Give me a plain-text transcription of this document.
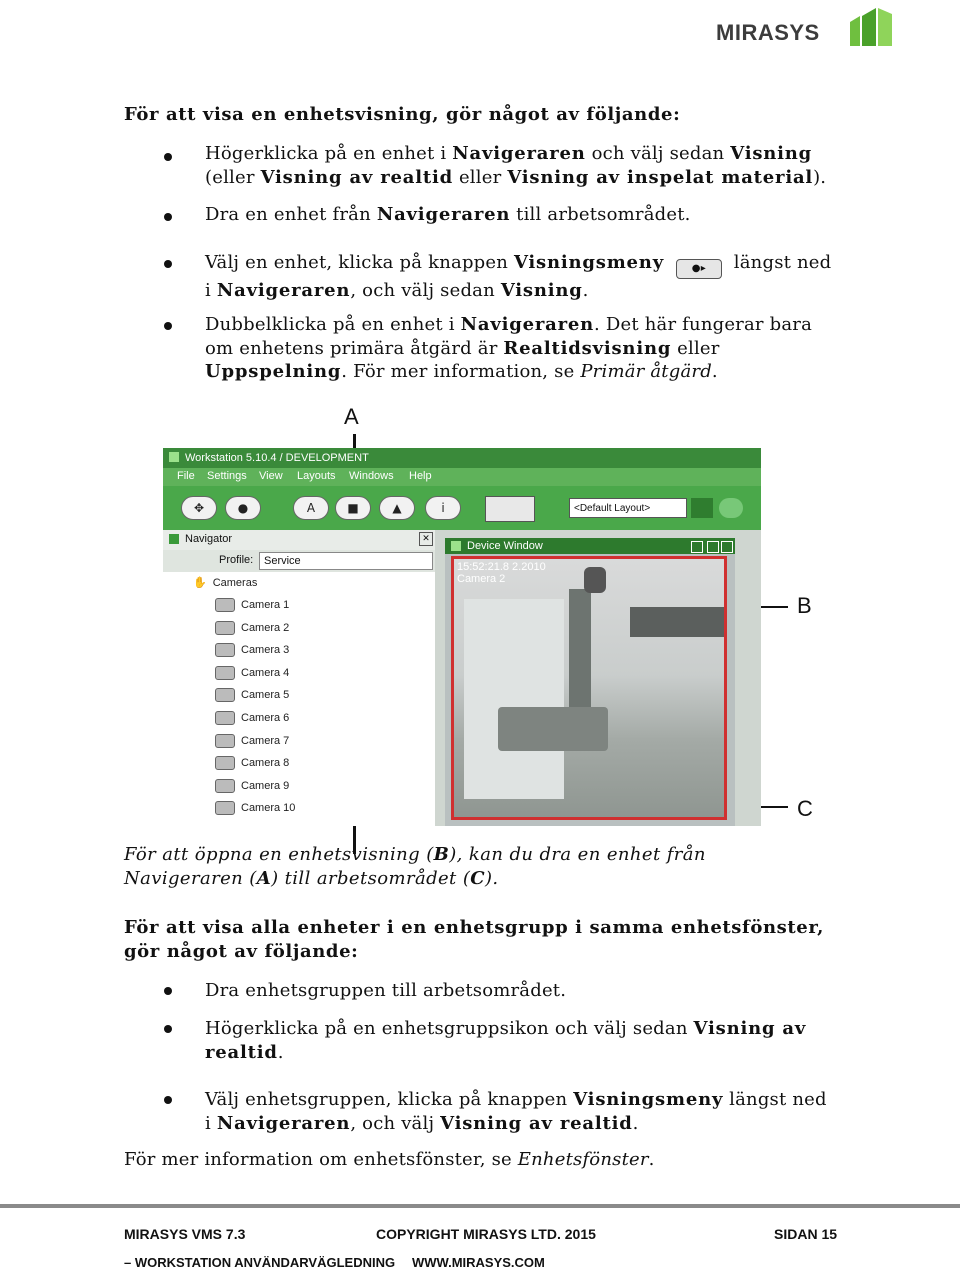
MIRASYS
För att visa en enhetsvisning, gör något av följande:
Högerklicka på en enhet i Navigeraren och välj sedan Visning (eller Visning av realtid eller Visning av inspelat material).
Dra en enhet från Navigeraren till arbetsområdet.
Välj en enhet, klicka på knappen Visningsmeny	●▸ längst ned i Navigeraren, och välj sedan Visning.
Dubbelklicka på en enhet i Navigeraren. Det här fungerar bara om enhetens primära åtgärd är Realtidsvisning eller Uppspelning. För mer information, se Primär åtgärd.
A
B
C
Workstation 5.10.4 / DEVELOPMENT
File Settings View Layouts Windows Help
✥	●	A	■	▲	i	<Default Layout>
Navigator	✕
Profile: Service
✋ Cameras
Camera 1
Camera 2
Camera 3
Camera 4
Camera 5
Camera 6
Camera 7
Camera 8
Camera 9
Camera 10
Device Window
15:52:21.8 2.2010
Camera 2
För att öppna en enhetsvisning (B), kan du dra en enhet från Navigeraren (A) till arbetsområdet (C).
För att visa alla enheter i en enhetsgrupp i samma enhetsfönster, gör något av följande:
Dra enhetsgruppen till arbetsområdet.
Högerklicka på en enhetsgruppsikon och välj sedan Visning av realtid.
Välj enhetsgruppen, klicka på knappen Visningsmeny längst ned i Navigeraren, och välj Visning av realtid.
För mer information om enhetsfönster, se Enhetsfönster.
MIRASYS VMS 7.3	COPYRIGHT MIRASYS LTD. 2015	SIDAN 15
– WORKSTATION ANVÄNDARVÄGLEDNING WWW.MIRASYS.COM
